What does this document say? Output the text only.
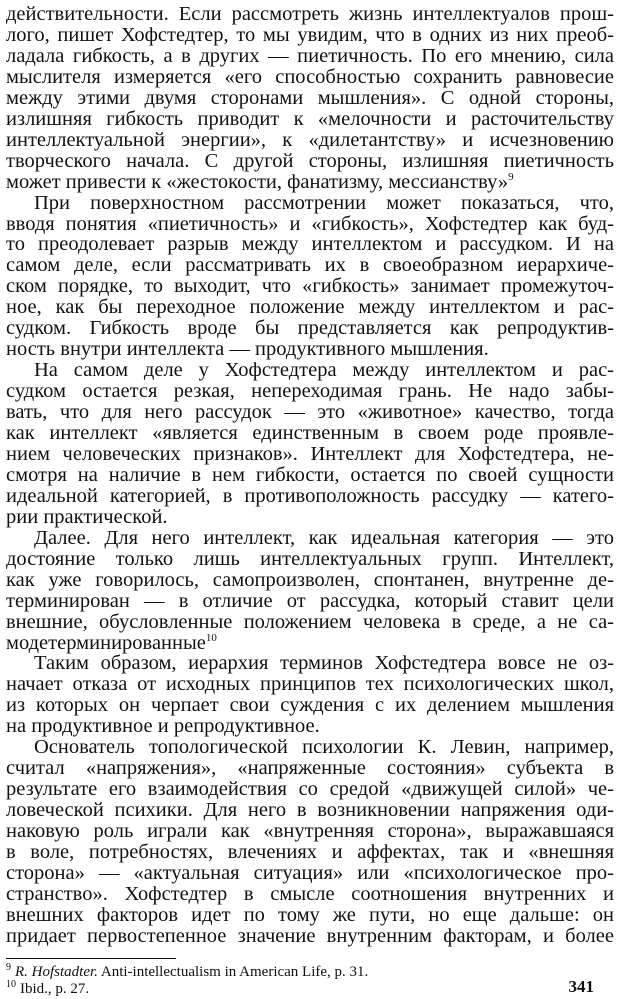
действительности. Если рассмотреть жизнь интеллектуалов прош-
лого, пишет Хофстедтер, то мы увидим, что в одних из них преоб-
ладала гибкость, а в других — пиетичность. По его мнению, сила
мыслителя измеряется «его способностью сохранить равновесие
между этими двумя сторонами мышления». С одной стороны,
излишняя гибкость приводит к «мелочности и расточительству
интеллектуальной энергии», к «дилетантству» и исчезновению
творческого начала. С другой стороны, излишняя пиетичность
может привести к «жестокости, фанатизму, мессианству»$^9$
При поверхностном рассмотрении может показаться, что,
вводя понятия «пиетичность» и «гибкость», Хофстедтер как буд-
то преодолевает разрыв между интеллектом и рассудком. И на
самом деле, если рассматривать их в своеобразном иерархиче-
ском порядке, то выходит, что «гибкость» занимает промежуточ-
ное, как бы переходное положение между интеллектом и рас-
судком. Гибкость вроде бы представляется как репродуктив-
ность внутри интеллекта — продуктивного мышления.
На самом деле у Хофстедтера между интеллектом и рас-
судком остается резкая, непереходимая грань. Не надо забы-
вать, что для него рассудок — это «животное» качество, тогда
как интеллект «является единственным в своем роде проявле-
нием человеческих признаков». Интеллект для Хофстедтера, не-
смотря на наличие в нем гибкости, остается по своей сущности
идеальной категорией, в противоположность рассудку — катего-
рии практической.
Далее. Для него интеллект, как идеальная категория — это
достояние только лишь интеллектуальных групп. Интеллект,
как уже говорилось, самопроизволен, спонтанен, внутренне де-
терминирован — в отличие от рассудка, который ставит цели
внешние, обусловленные положением человека в среде, а не са-
модетерминированные$^{10}$
Таким образом, иерархия терминов Хофстедтера вовсе не оз-
начает отказа от исходных принципов тех психологических школ,
из которых он черпает свои суждения с их делением мышления
на продуктивное и репродуктивное.
Основатель топологической психологии К. Левин, например,
считал «напряжения», «напряженные состояния» субъекта в
результате его взаимодействия со средой «движущей силой» че-
ловеческой психики. Для него в возникновении напряжения оди-
наковую роль играли как «внутренняя сторона», выражавшаяся
в воле, потребностях, влечениях и аффектах, так и «внешняя
сторона» — «актуальная ситуация» или «психологическое про-
странство». Хофстедтер в смысле соотношения внутренних и
внешних факторов идет по тому же пути, но еще дальше: он
придает первостепенное значение внутренним факторам, и более
$^9$ R. Hofstadter. Anti-intellectualism in American Life, p. 31.
$^{10}$ Ibid., p. 27.	341
